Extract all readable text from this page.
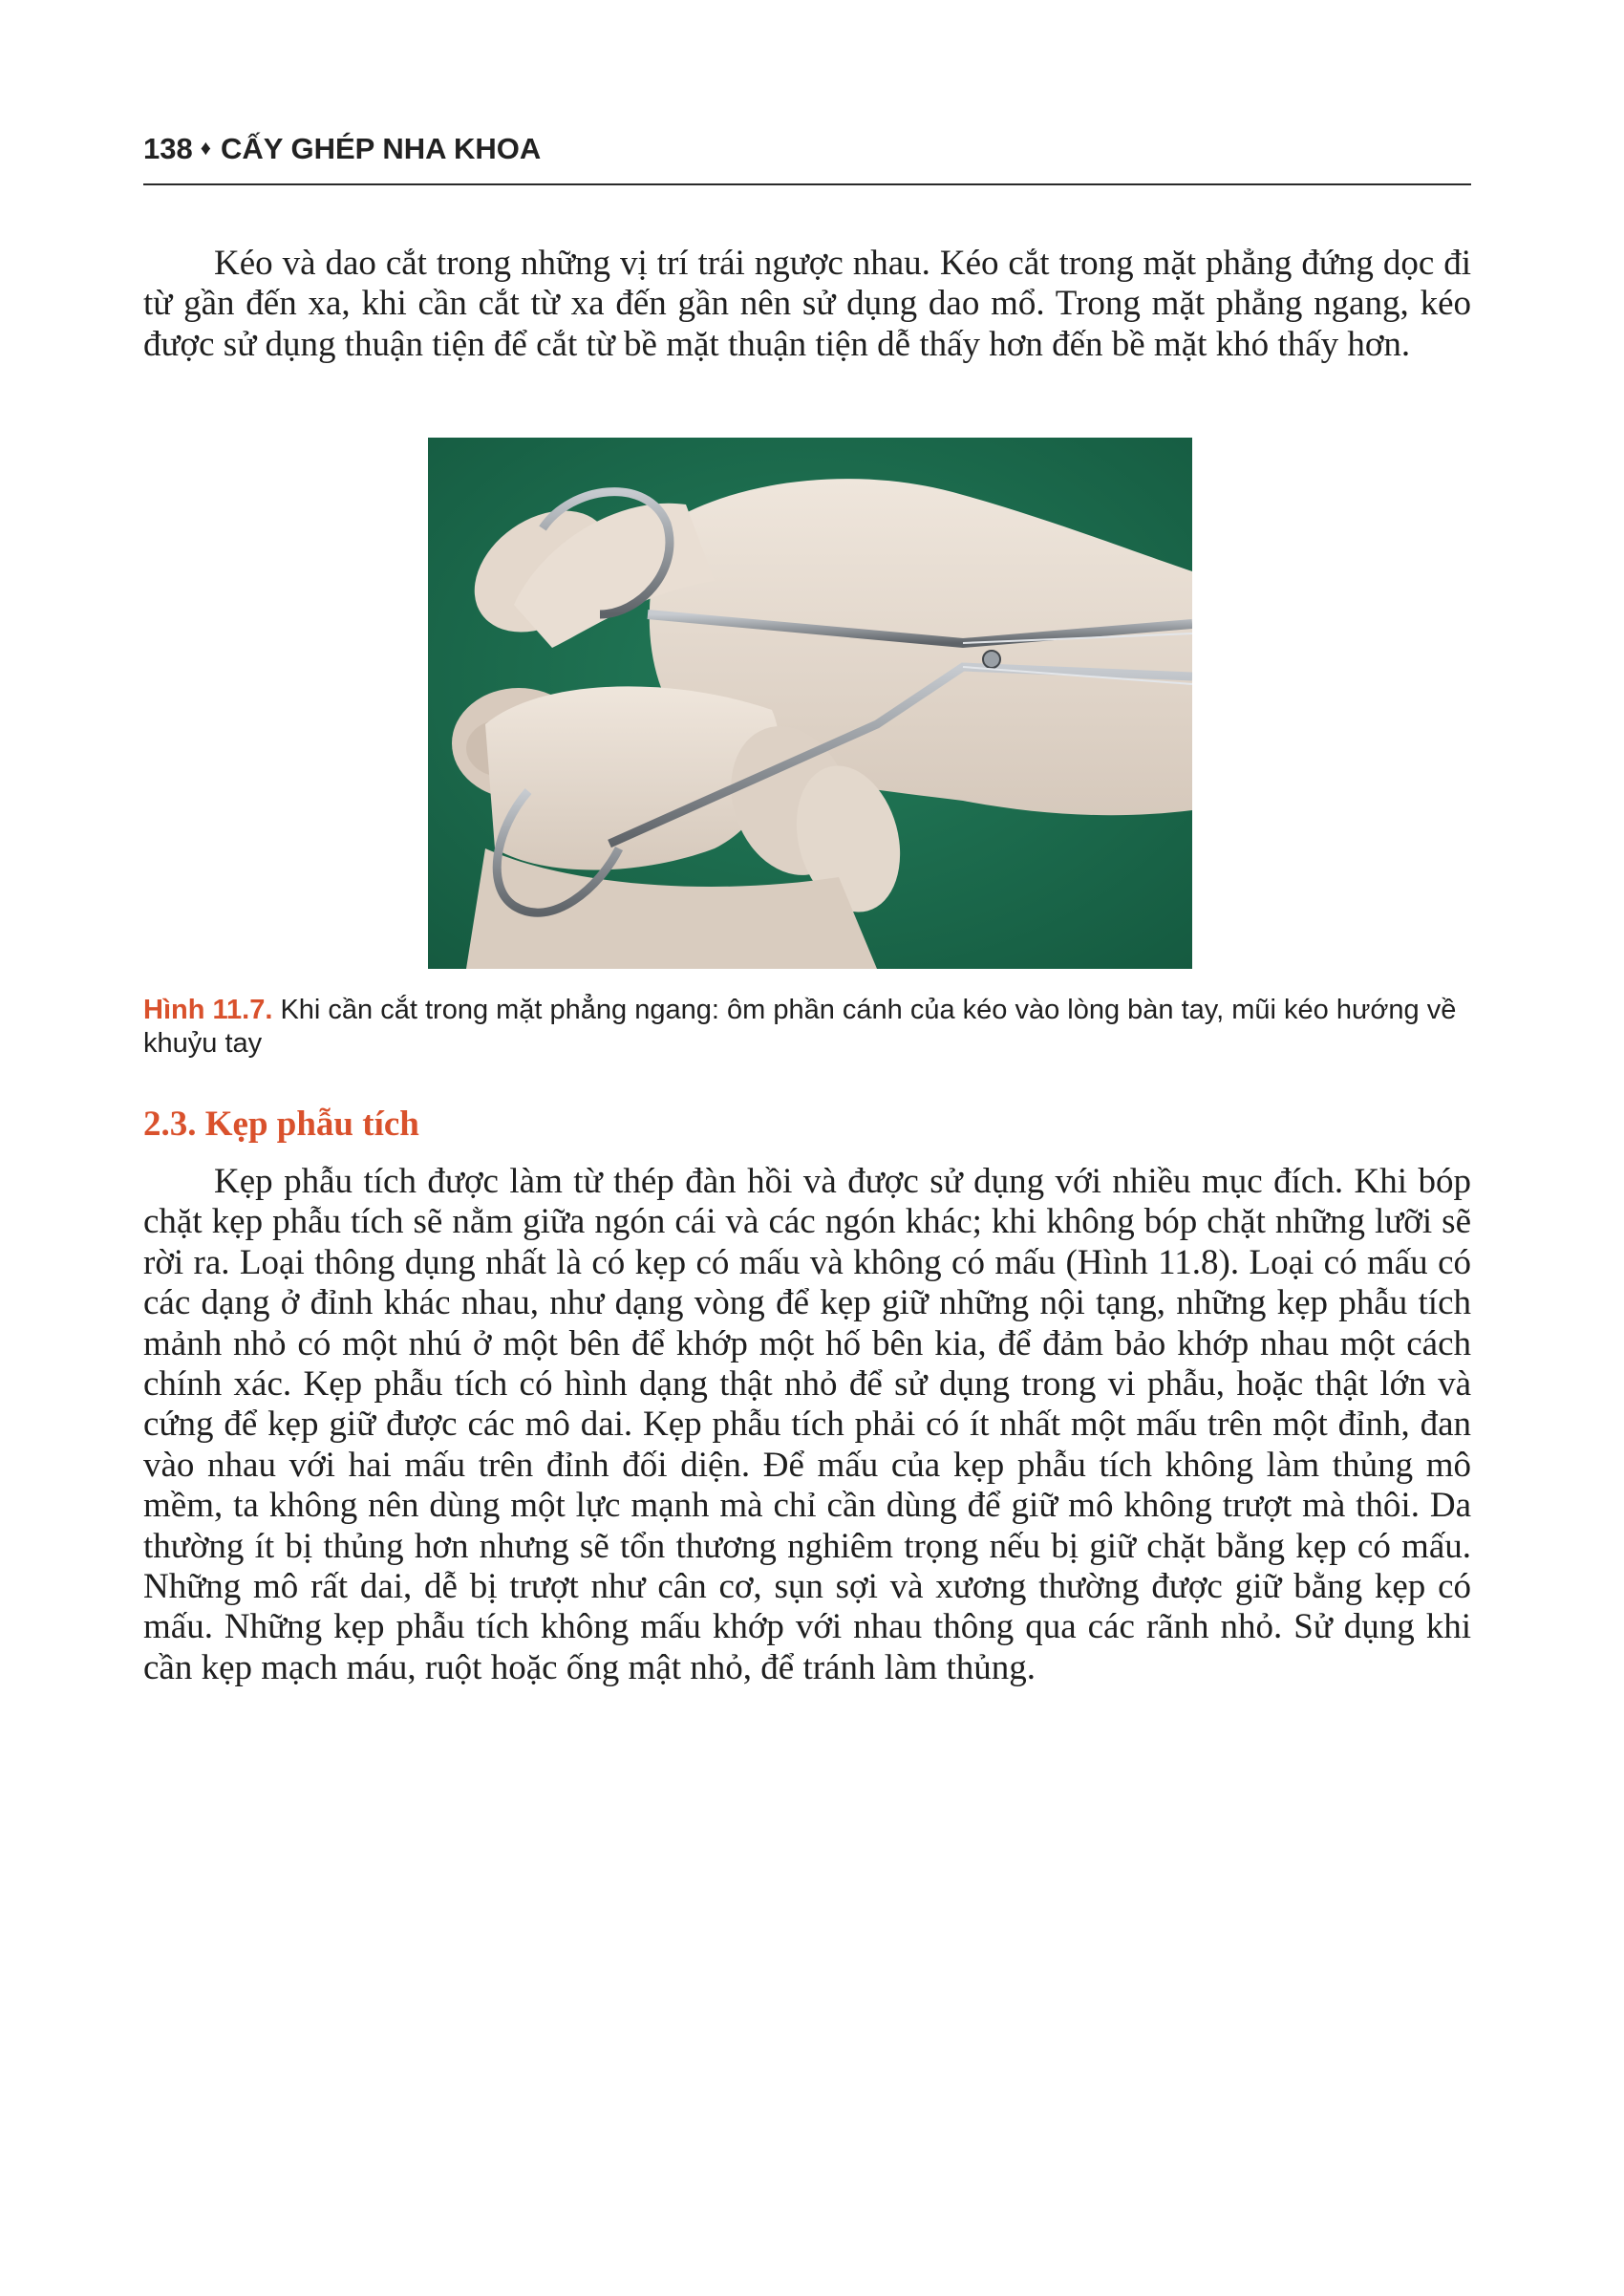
138 ♦ CẤY GHÉP NHA KHOA

Kéo và dao cắt trong những vị trí trái ngược nhau. Kéo cắt trong mặt phẳng đứng dọc đi từ gần đến xa, khi cần cắt từ xa đến gần nên sử dụng dao mổ. Trong mặt phẳng ngang, kéo được sử dụng thuận tiện để cắt từ bề mặt thuận tiện dễ thấy hơn đến bề mặt khó thấy hơn.

Hình 11.7. Khi cần cắt trong mặt phẳng ngang: ôm phần cánh của kéo vào lòng bàn tay, mũi kéo hướng về khuỷu tay
2.3. Kẹp phẫu tích

Kẹp phẫu tích được làm từ thép đàn hồi và được sử dụng với nhiều mục đích. Khi bóp chặt kẹp phẫu tích sẽ nằm giữa ngón cái và các ngón khác; khi không bóp chặt những lưỡi sẽ rời ra. Loại thông dụng nhất là có kẹp có mấu và không có mấu (Hình 11.8). Loại có mấu có các dạng ở đỉnh khác nhau, như dạng vòng để kẹp giữ những nội tạng, những kẹp phẫu tích mảnh nhỏ có một nhú ở một bên để khớp một hố bên kia, để đảm bảo khớp nhau một cách chính xác. Kẹp phẫu tích có hình dạng thật nhỏ để sử dụng trong vi phẫu, hoặc thật lớn và cứng để kẹp giữ được các mô dai. Kẹp phẫu tích phải có ít nhất một mấu trên một đỉnh, đan vào nhau với hai mấu trên đỉnh đối diện. Để mấu của kẹp phẫu tích không làm thủng mô mềm, ta không nên dùng một lực mạnh mà chỉ cần dùng để giữ mô không trượt mà thôi. Da thường ít bị thủng hơn nhưng sẽ tổn thương nghiêm trọng nếu bị giữ chặt bằng kẹp có mấu. Những mô rất dai, dễ bị trượt như cân cơ, sụn sợi và xương thường được giữ bằng kẹp có mấu. Những kẹp phẫu tích không mấu khớp với nhau thông qua các rãnh nhỏ. Sử dụng khi cần kẹp mạch máu, ruột hoặc ống mật nhỏ, để tránh làm thủng.
